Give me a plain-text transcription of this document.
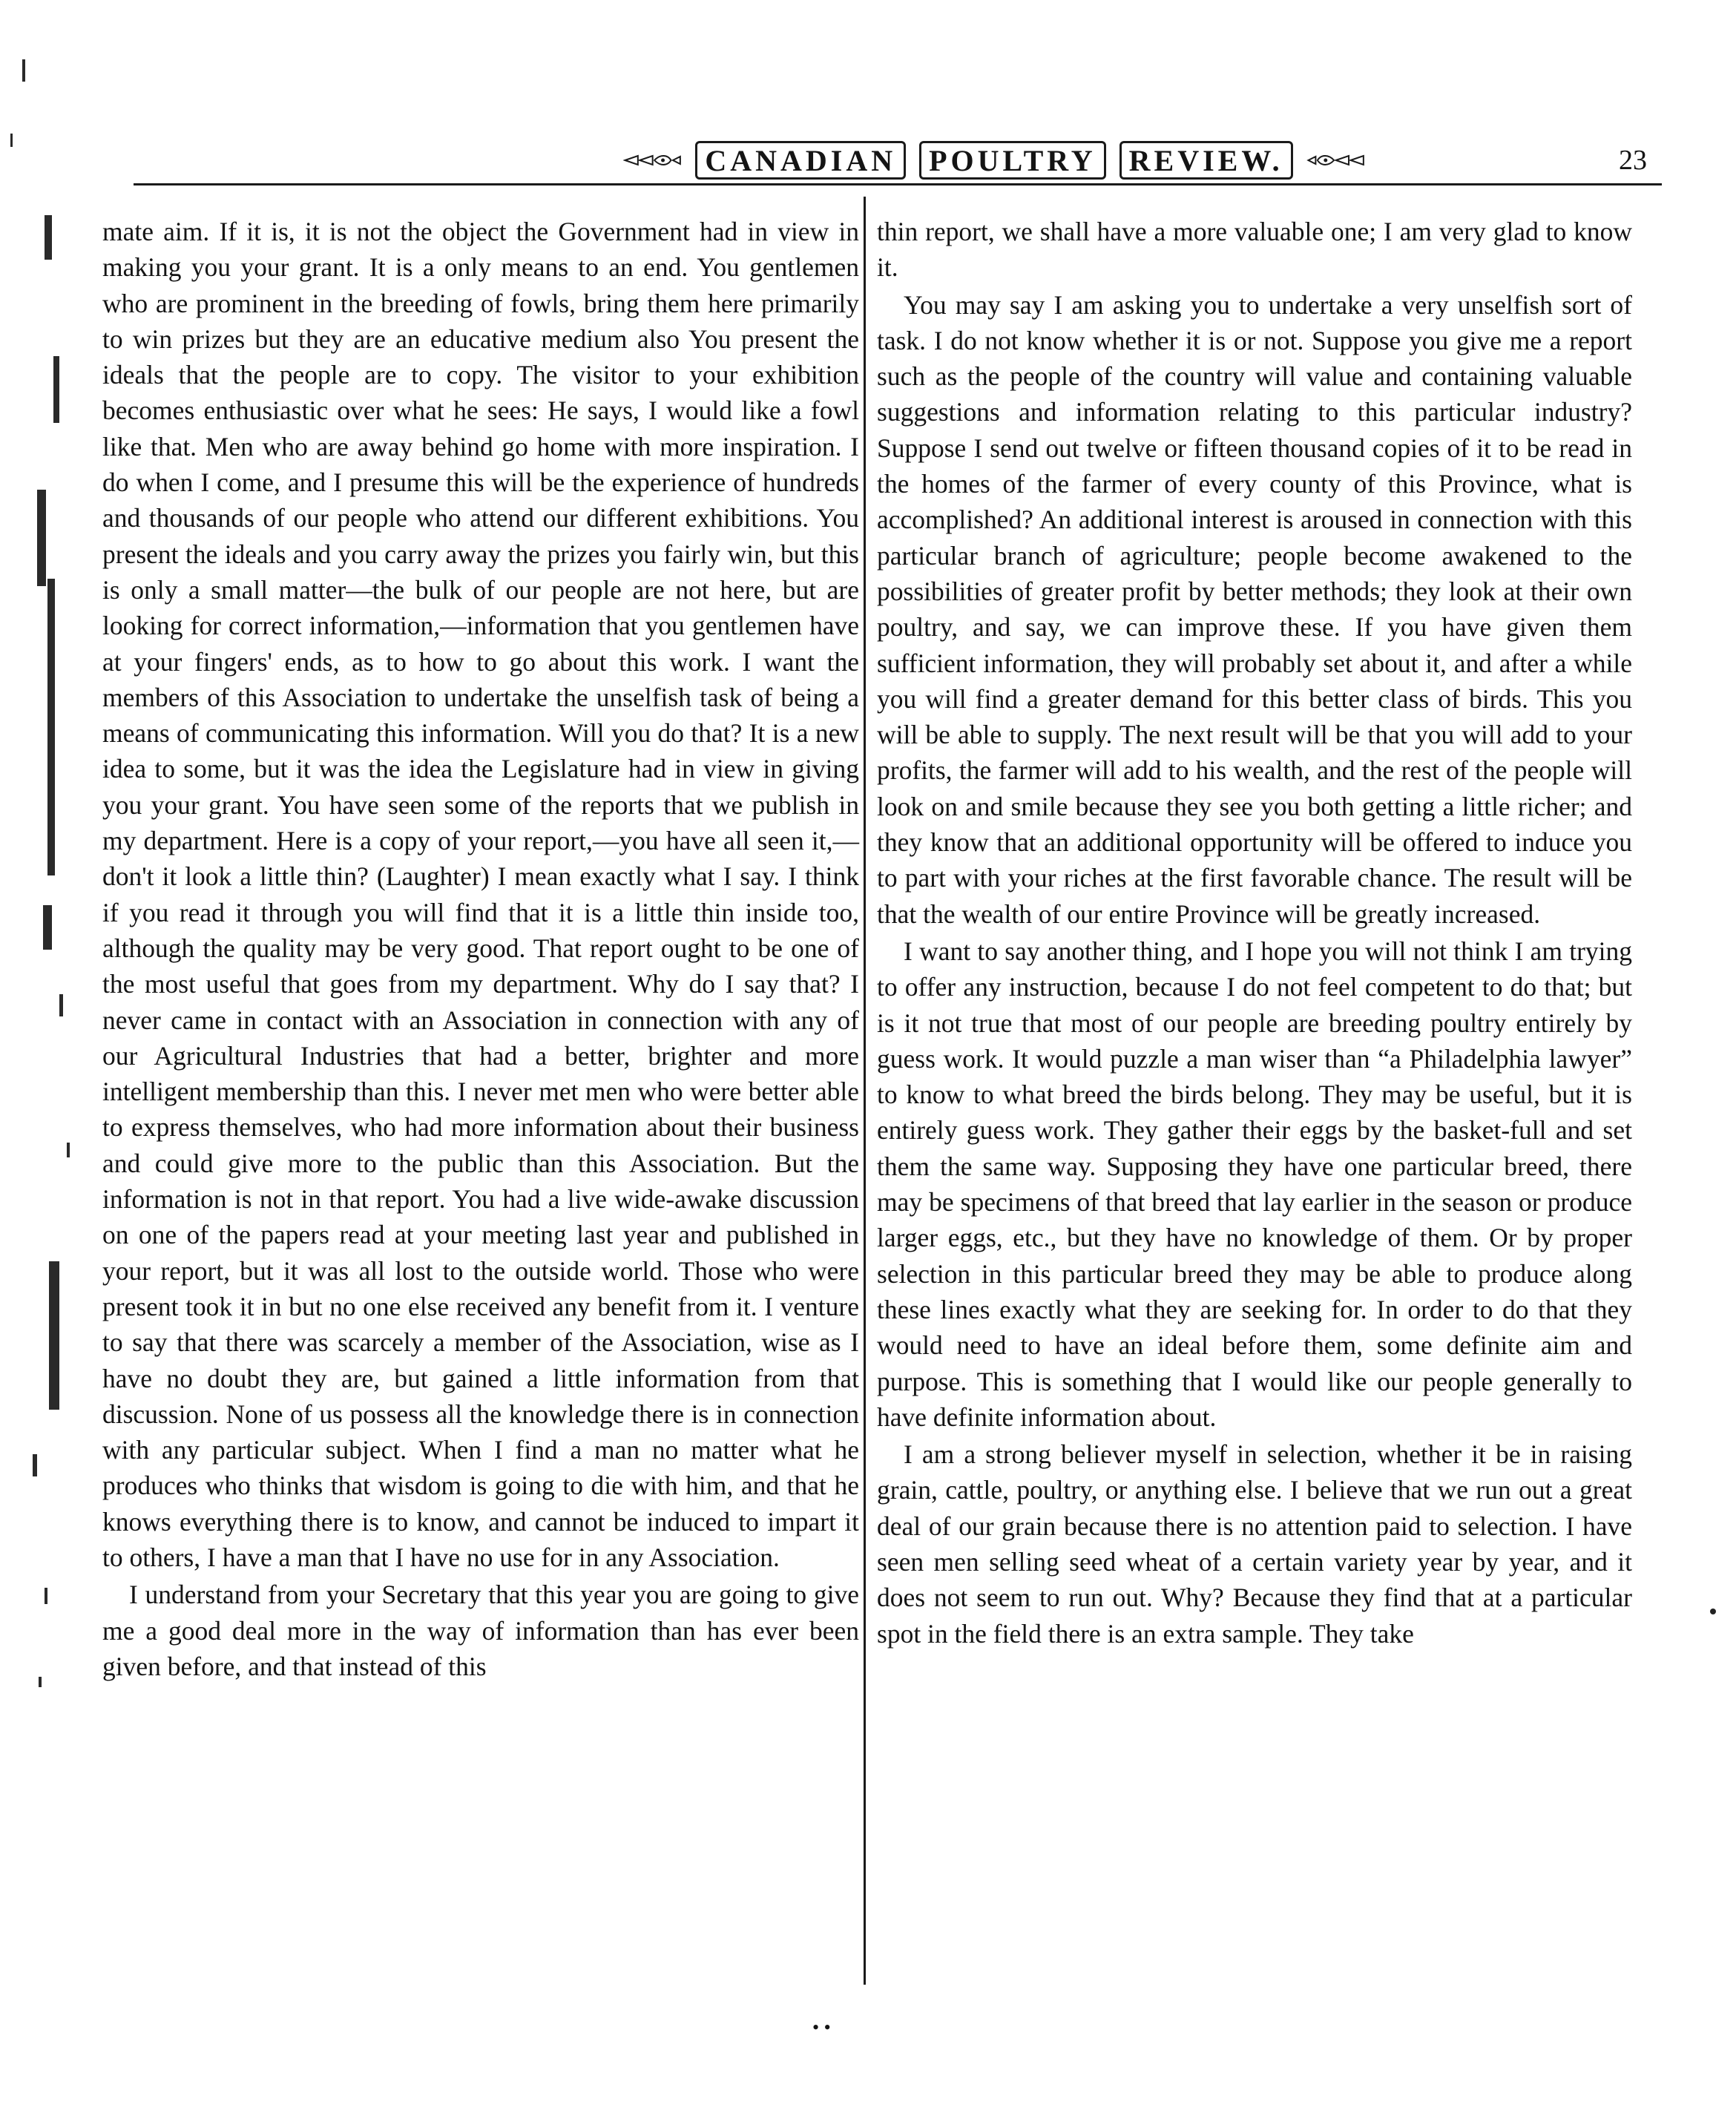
CANADIAN	POULTRY	REVIEW.	23

mate aim. If it is, it is not the object the Government had in view in making you your grant. It is a only means to an end. You gentlemen who are prominent in the breeding of fowls, bring them here primarily to win prizes but they are an educative medium also You present the ideals that the people are to copy. The visitor to your exhibition becomes enthusiastic over what he sees: He says, I would like a fowl like that. Men who are away behind go home with more inspiration. I do when I come, and I presume this will be the experience of hundreds and thousands of our people who attend our different exhibitions. You present the ideals and you carry away the prizes you fairly win, but this is only a small matter—the bulk of our people are not here, but are looking for correct information,—information that you gentlemen have at your fingers' ends, as to how to go about this work. I want the members of this Association to undertake the unselfish task of being a means of communicating this information. Will you do that? It is a new idea to some, but it was the idea the Legislature had in view in giving you your grant. You have seen some of the reports that we publish in my department. Here is a copy of your report,—you have all seen it,—don't it look a little thin? (Laughter) I mean exactly what I say. I think if you read it through you will find that it is a little thin inside too, although the quality may be very good. That report ought to be one of the most useful that goes from my department. Why do I say that? I never came in contact with an Association in connection with any of our Agricultural Industries that had a better, brighter and more intelligent membership than this. I never met men who were better able to express themselves, who had more information about their business and could give more to the public than this Association. But the information is not in that report. You had a live wide-awake discussion on one of the papers read at your meeting last year and published in your report, but it was all lost to the outside world. Those who were present took it in but no one else received any benefit from it. I venture to say that there was scarcely a member of the Association, wise as I have no doubt they are, but gained a little information from that discussion. None of us possess all the knowledge there is in connection with any particular subject. When I find a man no matter what he produces who thinks that wisdom is going to die with him, and that he knows everything there is to know, and cannot be induced to impart it to others, I have a man that I have no use for in any Association.

I understand from your Secretary that this year you are going to give me a good deal more in the way of information than has ever been given before, and that instead of this

thin report, we shall have a more valuable one; I am very glad to know it.

You may say I am asking you to undertake a very unselfish sort of task. I do not know whether it is or not. Suppose you give me a report such as the people of the country will value and containing valuable suggestions and information relating to this particular industry? Suppose I send out twelve or fifteen thousand copies of it to be read in the homes of the farmer of every county of this Province, what is accomplished? An additional interest is aroused in connection with this particular branch of agriculture; people become awakened to the possibilities of greater profit by better methods; they look at their own poultry, and say, we can improve these. If you have given them sufficient information, they will probably set about it, and after a while you will find a greater demand for this better class of birds. This you will be able to supply. The next result will be that you will add to your profits, the farmer will add to his wealth, and the rest of the people will look on and smile because they see you both getting a little richer; and they know that an additional opportunity will be offered to induce you to part with your riches at the first favorable chance. The result will be that the wealth of our entire Province will be greatly increased.

I want to say another thing, and I hope you will not think I am trying to offer any instruction, because I do not feel competent to do that; but is it not true that most of our people are breeding poultry entirely by guess work. It would puzzle a man wiser than “a Philadelphia lawyer” to know to what breed the birds belong. They may be useful, but it is entirely guess work. They gather their eggs by the basket-full and set them the same way. Supposing they have one particular breed, there may be specimens of that breed that lay earlier in the season or produce larger eggs, etc., but they have no knowledge of them. Or by proper selection in this particular breed they may be able to produce along these lines exactly what they are seeking for. In order to do that they would need to have an ideal before them, some definite aim and purpose. This is something that I would like our people generally to have definite information about.

I am a strong believer myself in selection, whether it be in raising grain, cattle, poultry, or anything else. I believe that we run out a great deal of our grain because there is no attention paid to selection. I have seen men selling seed wheat of a certain variety year by year, and it does not seem to run out. Why? Because they find that at a particular spot in the field there is an extra sample. They take

• •
